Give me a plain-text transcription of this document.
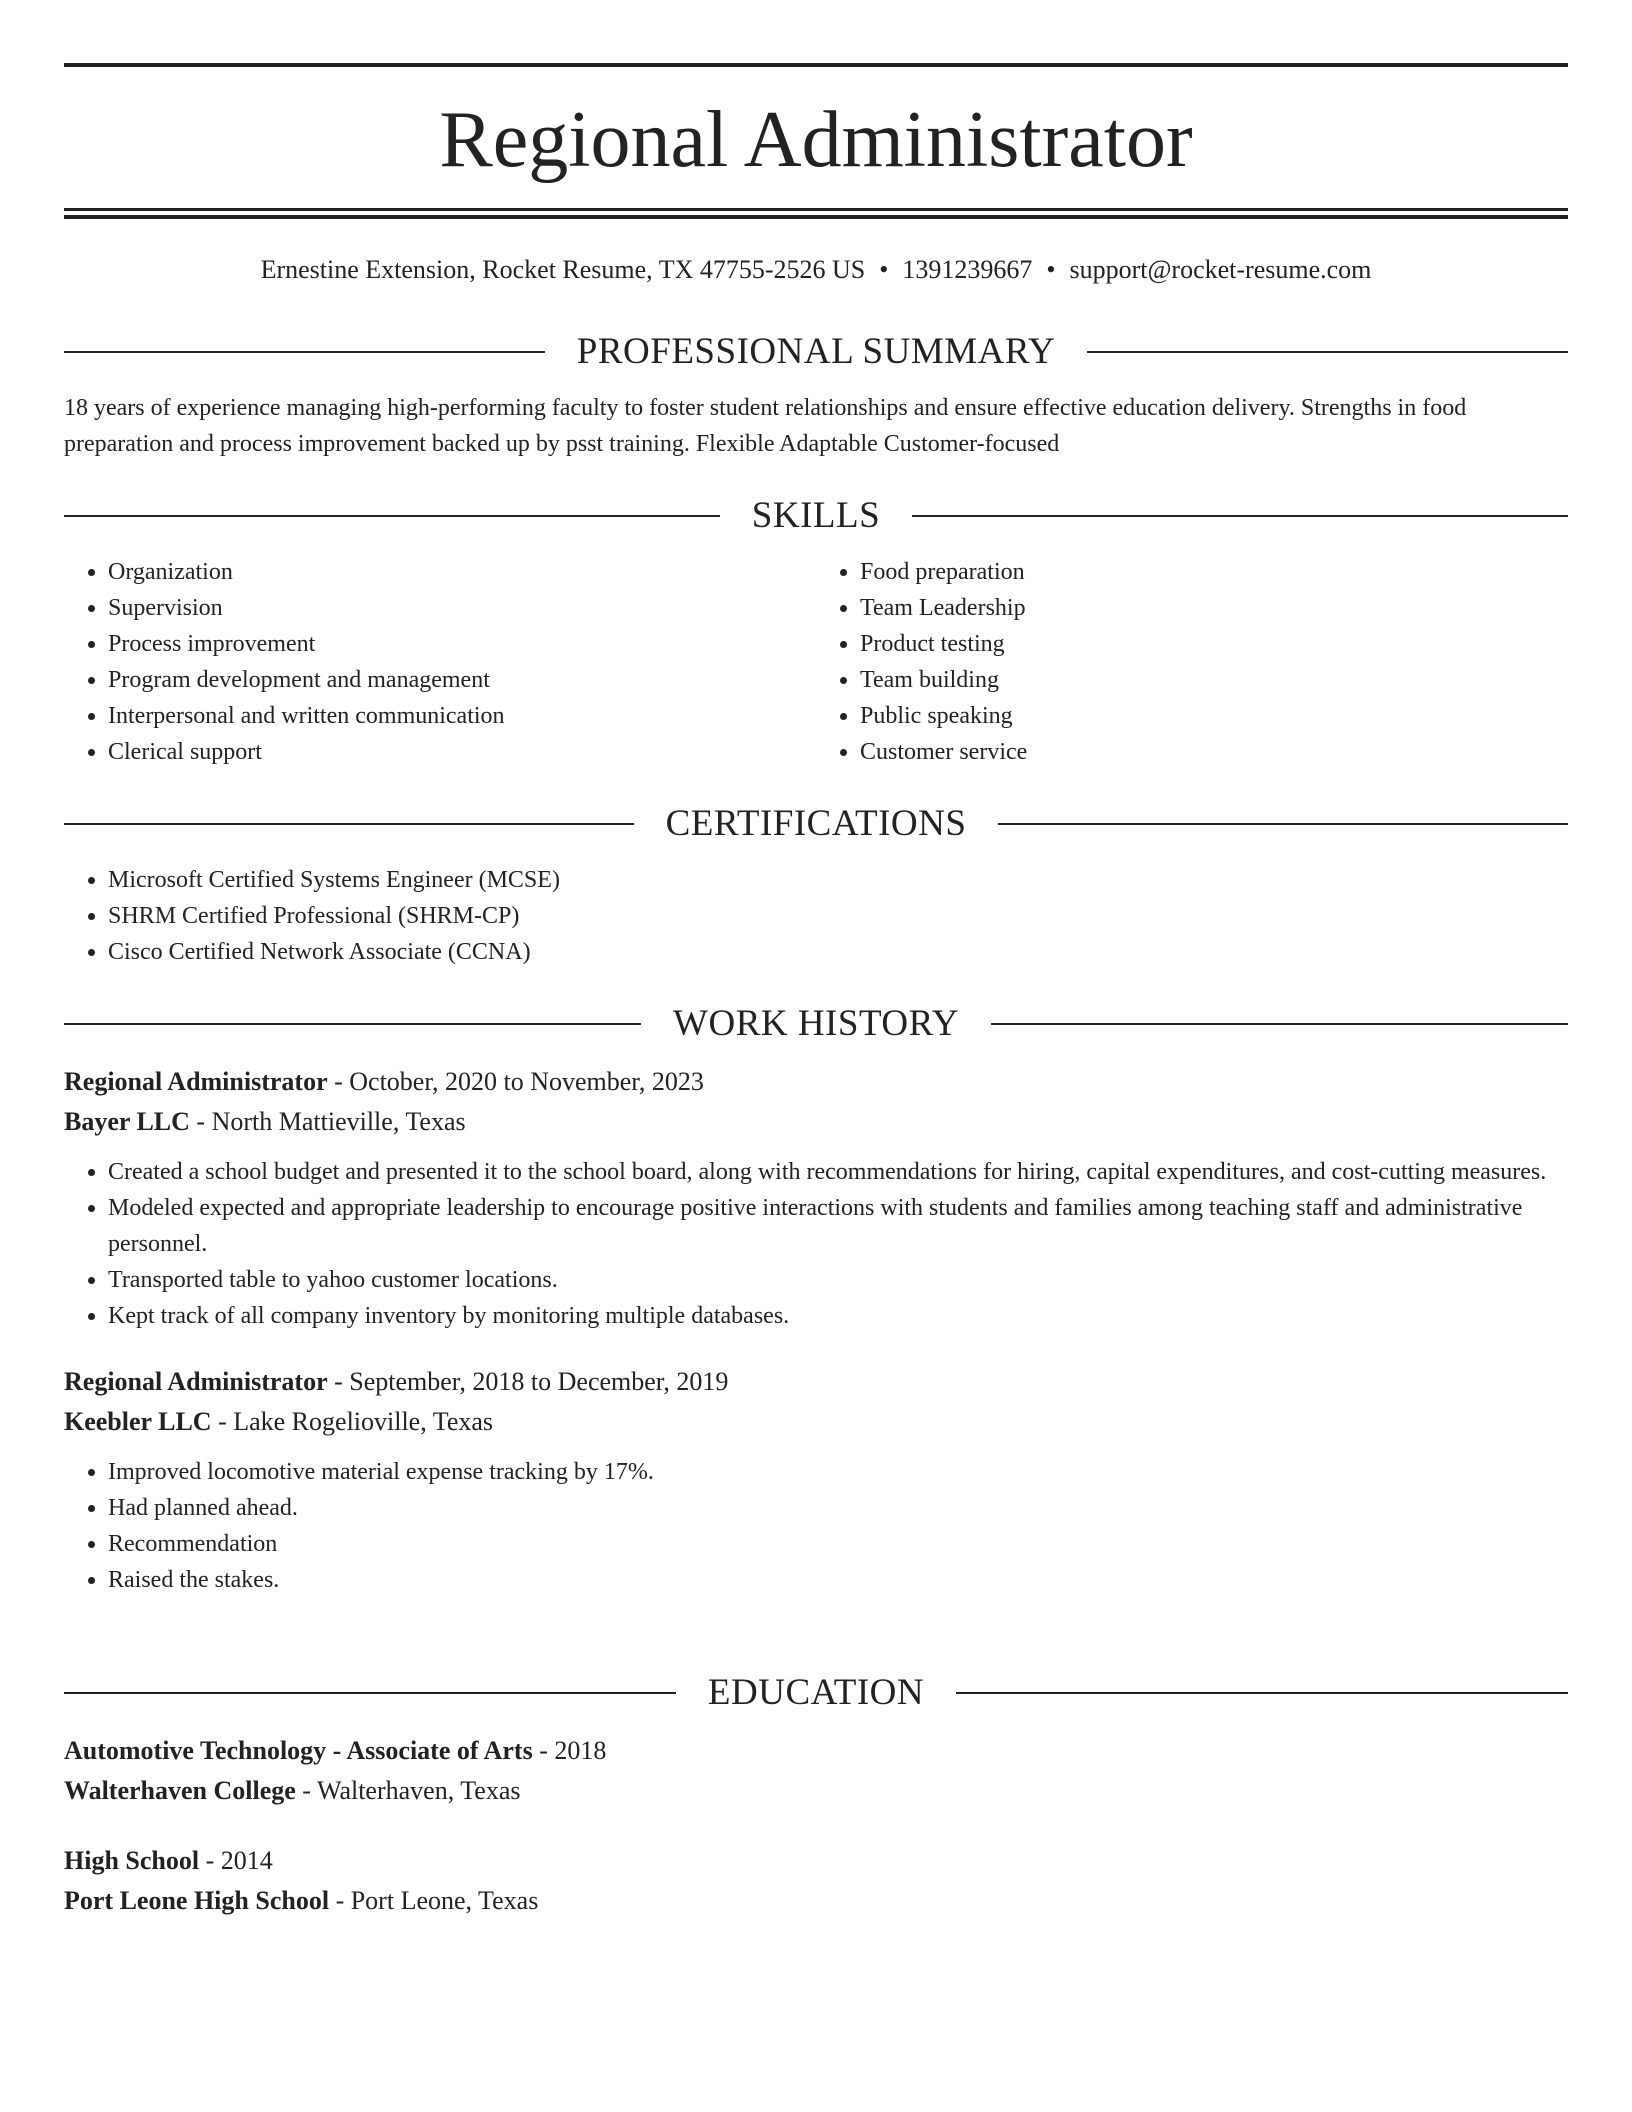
Regional Administrator
Ernestine Extension, Rocket Resume, TX 47755-2526 US • 1391239667 • support@rocket-resume.com
PROFESSIONAL SUMMARY

18 years of experience managing high-performing faculty to foster student relationships and ensure effective education delivery. Strengths in food preparation and process improvement backed up by psst training. Flexible Adaptable Customer-focused

SKILLS
• Organization
• Supervision
• Process improvement
• Program development and management
• Interpersonal and written communication
• Clerical support
• Food preparation
• Team Leadership
• Product testing
• Team building
• Public speaking
• Customer service
CERTIFICATIONS
• Microsoft Certified Systems Engineer (MCSE)
• SHRM Certified Professional (SHRM-CP)
• Cisco Certified Network Associate (CCNA)
WORK HISTORY
Regional Administrator - October, 2020 to November, 2023
Bayer LLC - North Mattieville, Texas
• Created a school budget and presented it to the school board, along with recommendations for hiring, capital expenditures, and cost-cutting measures.
• Modeled expected and appropriate leadership to encourage positive interactions with students and families among teaching staff and administrative personnel.
• Transported table to yahoo customer locations.
• Kept track of all company inventory by monitoring multiple databases.
Regional Administrator - September, 2018 to December, 2019
Keebler LLC - Lake Rogelioville, Texas
• Improved locomotive material expense tracking by 17%.
• Had planned ahead.
• Recommendation
• Raised the stakes.
EDUCATION
Automotive Technology - Associate of Arts - 2018
Walterhaven College - Walterhaven, Texas
High School - 2014
Port Leone High School - Port Leone, Texas
